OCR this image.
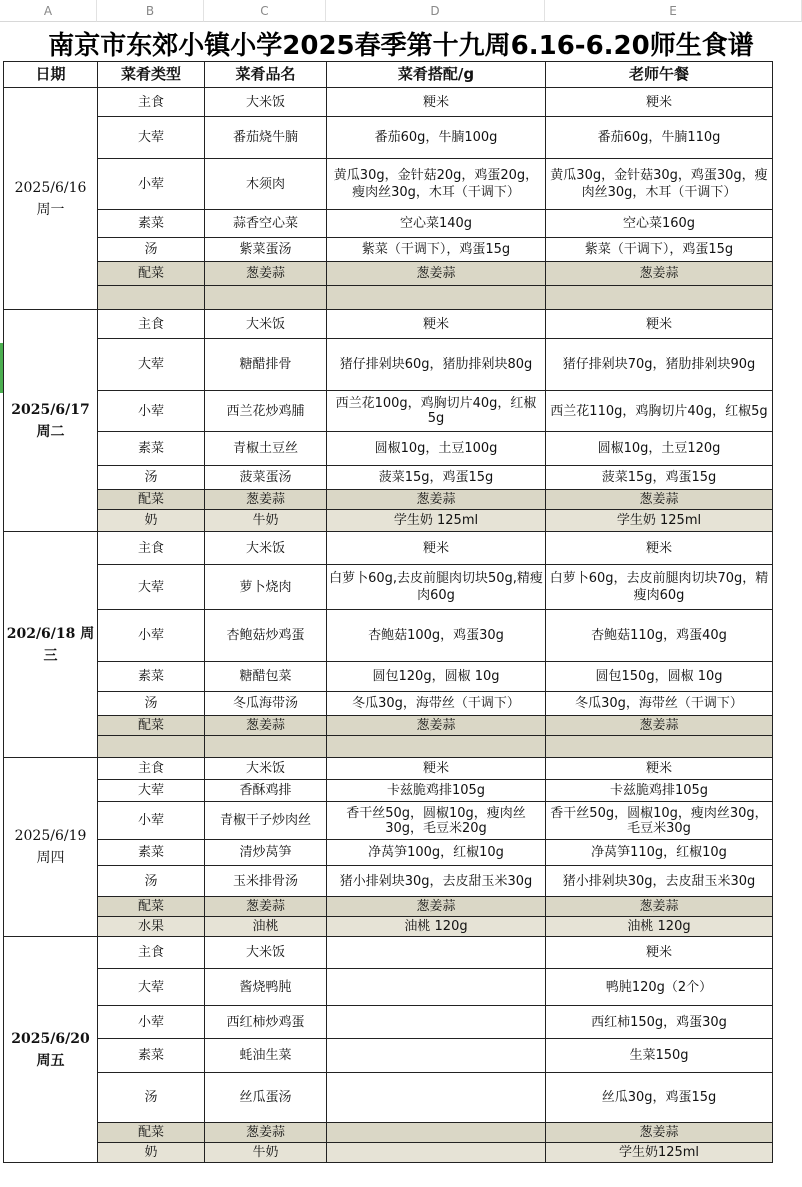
A	B	C	D	E
南京市东郊小镇小学2025春季第十九周6.16-6.20师生食谱
日期	菜肴类型	菜肴品名	菜肴搭配/g	老师午餐
2025/6/16 周一	主食	大米饭	粳米	粳米
	大荤	番茄烧牛腩	番茄60g，牛腩100g	番茄60g，牛腩110g
	小荤	木须肉	黄瓜30g，金针菇20g，鸡蛋20g，瘦肉丝30g，木耳（干调下）	黄瓜30g，金针菇30g，鸡蛋30g，瘦肉丝30g，木耳（干调下）
	素菜	蒜香空心菜	空心菜140g	空心菜160g
	汤	紫菜蛋汤	紫菜（干调下），鸡蛋15g	紫菜（干调下），鸡蛋15g
	配菜	葱姜蒜	葱姜蒜	葱姜蒜

2025/6/17 周二	主食	大米饭	粳米	粳米
	大荤	糖醋排骨	猪仔排剁块60g，猪肋排剁块80g	猪仔排剁块70g，猪肋排剁块90g
	小荤	西兰花炒鸡脯	西兰花100g，鸡胸切片40g，红椒5g	西兰花110g，鸡胸切片40g，红椒5g
	素菜	青椒土豆丝	圆椒10g，土豆100g	圆椒10g，土豆120g
	汤	菠菜蛋汤	菠菜15g，鸡蛋15g	菠菜15g，鸡蛋15g
	配菜	葱姜蒜	葱姜蒜	葱姜蒜
	奶	牛奶	学生奶 125ml	学生奶 125ml
202/6/18 周三	主食	大米饭	粳米	粳米
	大荤	萝卜烧肉	白萝卜60g,去皮前腿肉切块50g,精瘦肉60g	白萝卜60g，去皮前腿肉切块70g，精瘦肉60g
	小荤	杏鲍菇炒鸡蛋	杏鲍菇100g，鸡蛋30g	杏鲍菇110g，鸡蛋40g
	素菜	糖醋包菜	圆包120g，圆椒 10g	圆包150g，圆椒 10g
	汤	冬瓜海带汤	冬瓜30g，海带丝（干调下）	冬瓜30g，海带丝（干调下）
	配菜	葱姜蒜	葱姜蒜	葱姜蒜

2025/6/19 周四	主食	大米饭	粳米	粳米
	大荤	香酥鸡排	卡兹脆鸡排105g	卡兹脆鸡排105g
	小荤	青椒干子炒肉丝	香干丝50g，圆椒10g，瘦肉丝30g，毛豆米20g	香干丝50g，圆椒10g，瘦肉丝30g，毛豆米30g
	素菜	清炒莴笋	净莴笋100g，红椒10g	净莴笋110g，红椒10g
	汤	玉米排骨汤	猪小排剁块30g，去皮甜玉米30g	猪小排剁块30g，去皮甜玉米30g
	配菜	葱姜蒜	葱姜蒜	葱姜蒜
	水果	油桃	油桃 120g	油桃 120g
2025/6/20 周五	主食	大米饭		粳米
	大荤	酱烧鸭肫		鸭肫120g（2个）
	小荤	西红柿炒鸡蛋		西红柿150g，鸡蛋30g
	素菜	蚝油生菜		生菜150g
	汤	丝瓜蛋汤		丝瓜30g，鸡蛋15g
	配菜	葱姜蒜		葱姜蒜
	奶	牛奶		学生奶125ml
